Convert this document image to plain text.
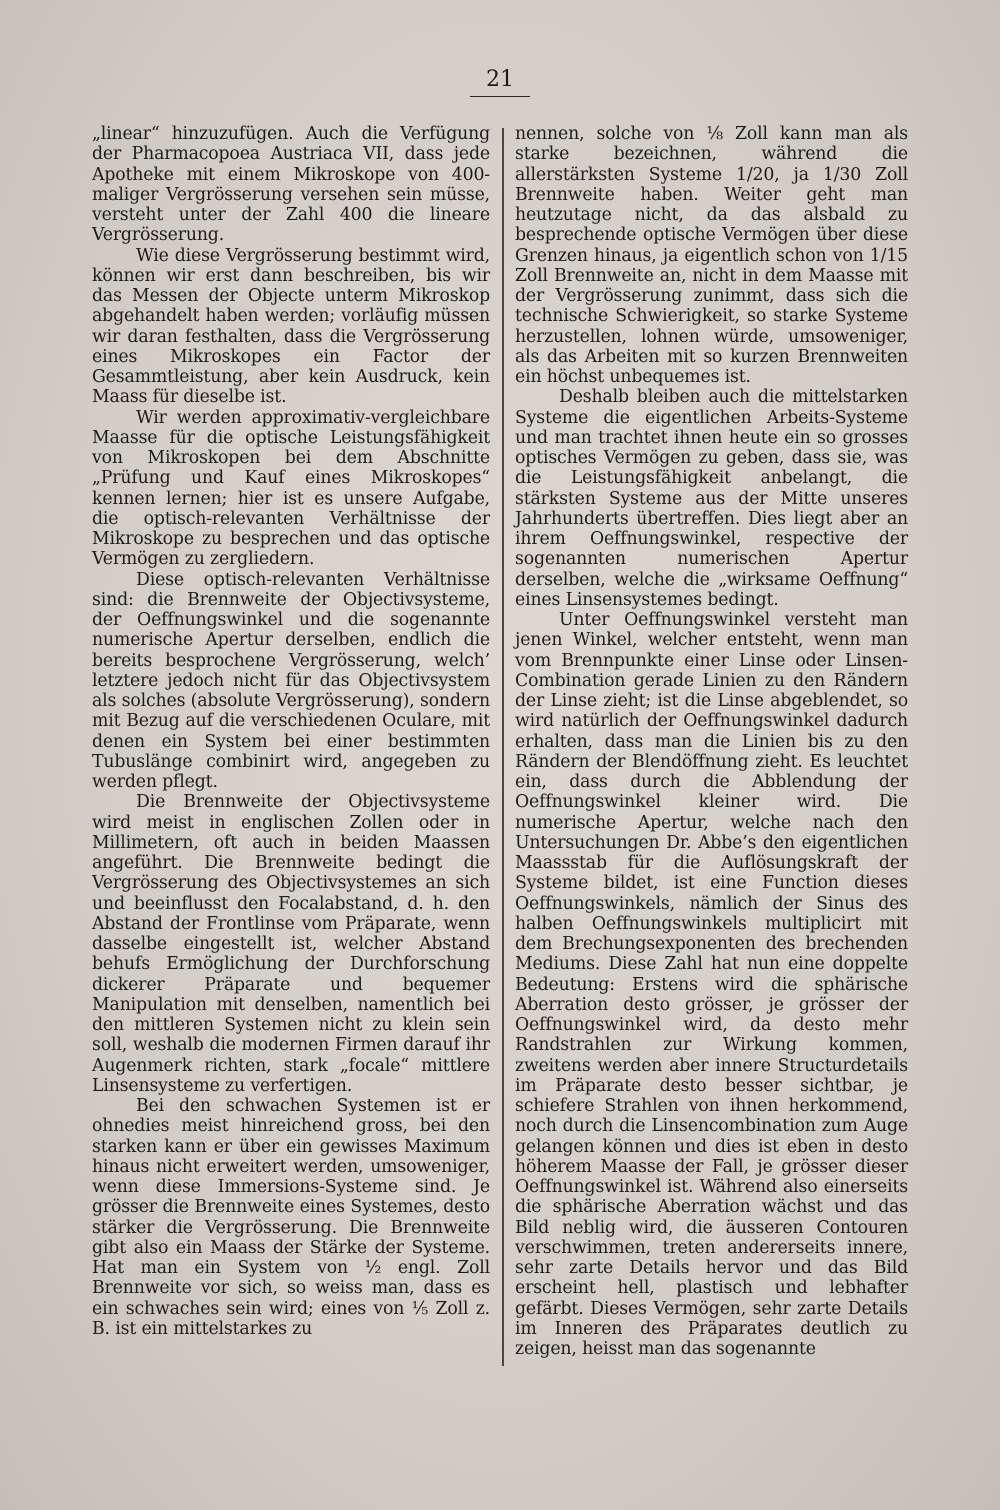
21

„linear“ hinzuzufügen. Auch die Verfügung der Pharmacopoea Austriaca VII, dass jede Apotheke mit einem Mikroskope von 400-maliger Vergrösserung versehen sein müsse, versteht unter der Zahl 400 die lineare Vergrösserung.

Wie diese Vergrösserung bestimmt wird, können wir erst dann beschreiben, bis wir das Messen der Objecte unterm Mikroskop abgehandelt haben werden; vorläufig müssen wir daran festhalten, dass die Vergrösserung eines Mikroskopes ein Factor der Gesammtleistung, aber kein Ausdruck, kein Maass für dieselbe ist.

Wir werden approximativ-vergleichbare Maasse für die optische Leistungsfähigkeit von Mikroskopen bei dem Abschnitte „Prüfung und Kauf eines Mikroskopes“ kennen lernen; hier ist es unsere Aufgabe, die optisch-relevanten Verhältnisse der Mikroskope zu besprechen und das optische Vermögen zu zergliedern.

Diese optisch-relevanten Verhältnisse sind: die Brennweite der Objectivsysteme, der Oeffnungswinkel und die sogenannte numerische Apertur derselben, endlich die bereits besprochene Vergrösserung, welch’ letztere jedoch nicht für das Objectivsystem als solches (absolute Vergrösserung), sondern mit Bezug auf die verschiedenen Oculare, mit denen ein System bei einer bestimmten Tubuslänge combinirt wird, angegeben zu werden pflegt.

Die Brennweite der Objectivsysteme wird meist in englischen Zollen oder in Millimetern, oft auch in beiden Maassen angeführt. Die Brennweite bedingt die Vergrösserung des Objectivsystemes an sich und beeinflusst den Focalabstand, d. h. den Abstand der Frontlinse vom Präparate, wenn dasselbe eingestellt ist, welcher Abstand behufs Ermöglichung der Durchforschung dickerer Präparate und bequemer Manipulation mit denselben, namentlich bei den mittleren Systemen nicht zu klein sein soll, weshalb die modernen Firmen darauf ihr Augenmerk richten, stark „focale“ mittlere Linsensysteme zu verfertigen.

Bei den schwachen Systemen ist er ohnedies meist hinreichend gross, bei den starken kann er über ein gewisses Maximum hinaus nicht erweitert werden, umsoweniger, wenn diese Immersions-Systeme sind. Je grösser die Brennweite eines Systemes, desto stärker die Vergrösserung. Die Brennweite gibt also ein Maass der Stärke der Systeme. Hat man ein System von ½ engl. Zoll Brennweite vor sich, so weiss man, dass es ein schwaches sein wird; eines von ⅕ Zoll z. B. ist ein mittelstarkes zu

nennen, solche von ⅛ Zoll kann man als starke bezeichnen, während die allerstärksten Systeme 1/20, ja 1/30 Zoll Brennweite haben. Weiter geht man heutzutage nicht, da das alsbald zu besprechende optische Vermögen über diese Grenzen hinaus, ja eigentlich schon von 1/15 Zoll Brennweite an, nicht in dem Maasse mit der Vergrösserung zunimmt, dass sich die technische Schwierigkeit, so starke Systeme herzustellen, lohnen würde, umsoweniger, als das Arbeiten mit so kurzen Brennweiten ein höchst unbequemes ist.

Deshalb bleiben auch die mittelstarken Systeme die eigentlichen Arbeits-Systeme und man trachtet ihnen heute ein so grosses optisches Vermögen zu geben, dass sie, was die Leistungsfähigkeit anbelangt, die stärksten Systeme aus der Mitte unseres Jahrhunderts übertreffen. Dies liegt aber an ihrem Oeffnungswinkel, respective der sogenannten numerischen Apertur derselben, welche die „wirksame Oeffnung“ eines Linsensystemes bedingt.

Unter Oeffnungswinkel versteht man jenen Winkel, welcher entsteht, wenn man vom Brennpunkte einer Linse oder Linsen-Combination gerade Linien zu den Rändern der Linse zieht; ist die Linse abgeblendet, so wird natürlich der Oeffnungswinkel dadurch erhalten, dass man die Linien bis zu den Rändern der Blendöffnung zieht. Es leuchtet ein, dass durch die Abblendung der Oeffnungswinkel kleiner wird. Die numerische Apertur, welche nach den Untersuchungen Dr. Abbe’s den eigentlichen Maassstab für die Auflösungskraft der Systeme bildet, ist eine Function dieses Oeffnungswinkels, nämlich der Sinus des halben Oeffnungswinkels multiplicirt mit dem Brechungsexponenten des brechenden Mediums. Diese Zahl hat nun eine doppelte Bedeutung: Erstens wird die sphärische Aberration desto grösser, je grösser der Oeffnungswinkel wird, da desto mehr Randstrahlen zur Wirkung kommen, zweitens werden aber innere Structurdetails im Präparate desto besser sichtbar, je schiefere Strahlen von ihnen herkommend, noch durch die Linsencombination zum Auge gelangen können und dies ist eben in desto höherem Maasse der Fall, je grösser dieser Oeffnungswinkel ist. Während also einerseits die sphärische Aberration wächst und das Bild neblig wird, die äusseren Contouren verschwimmen, treten andererseits innere, sehr zarte Details hervor und das Bild erscheint hell, plastisch und lebhafter gefärbt. Dieses Vermögen, sehr zarte Details im Inneren des Präparates deutlich zu zeigen, heisst man das sogenannte
